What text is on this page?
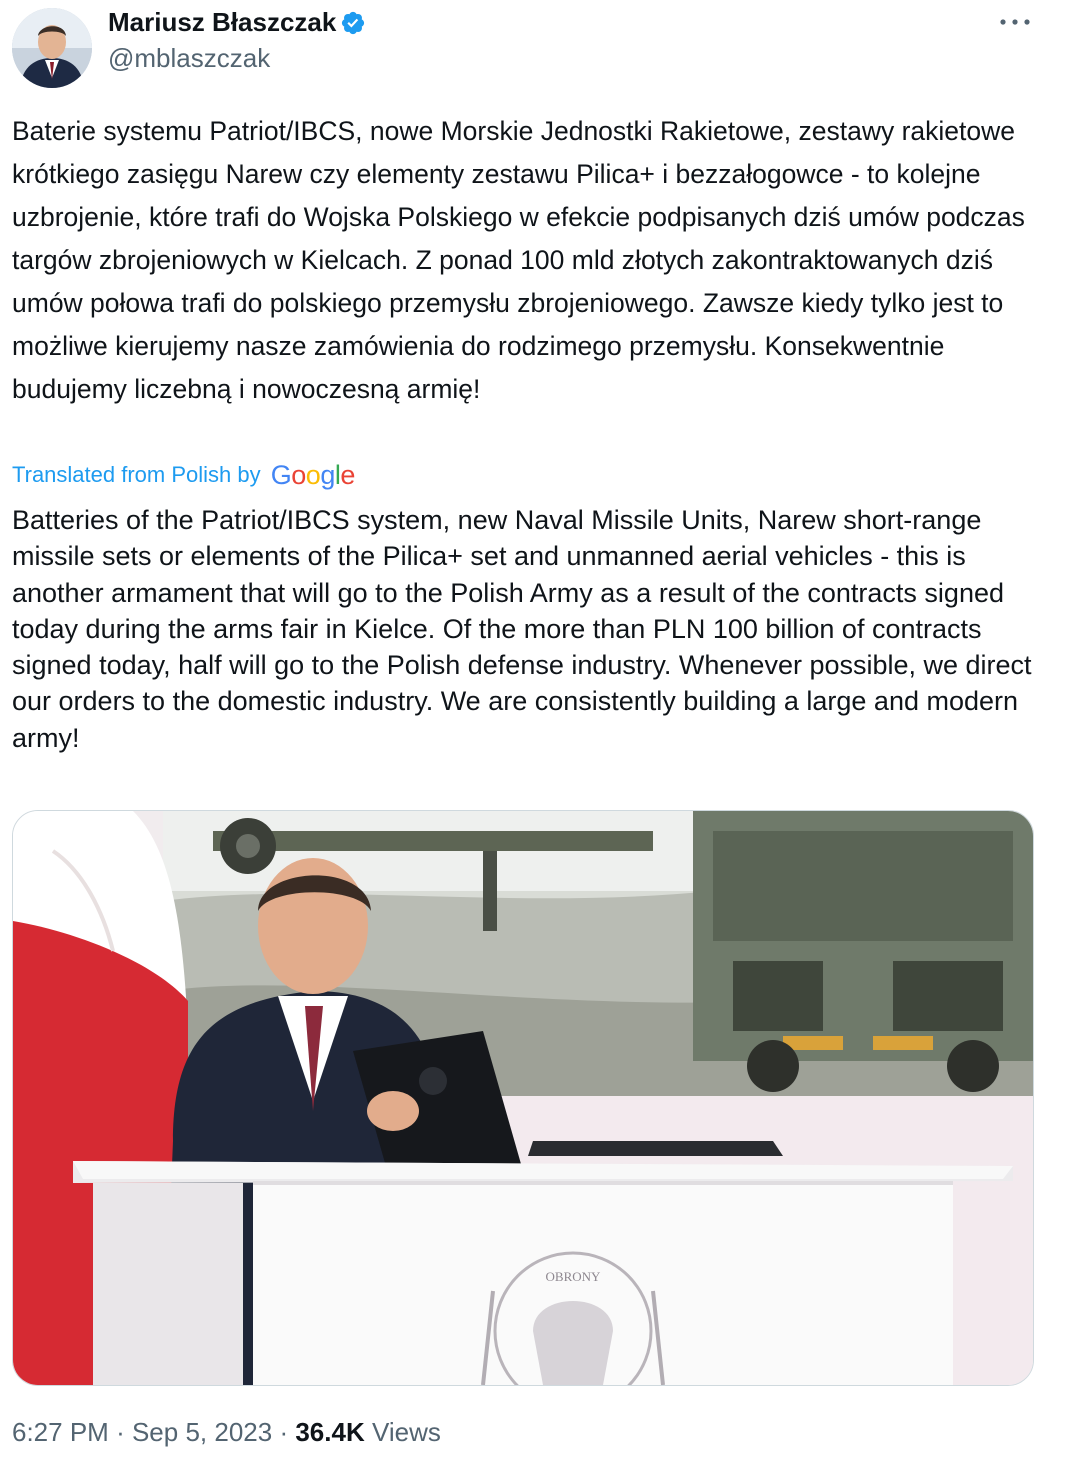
Mariusz Błaszczak
@mblaszczak
Baterie systemu Patriot/IBCS, nowe Morskie Jednostki Rakietowe, zestawy rakietowe krótkiego zasięgu Narew czy elementy zestawu Pilica+ i bezzałogowce - to kolejne uzbrojenie, które trafi do Wojska Polskiego w efekcie podpisanych dziś umów podczas targów zbrojeniowych w Kielcach. Z ponad 100 mld złotych zakontraktowanych dziś umów połowa trafi do polskiego przemysłu zbrojeniowego. Zawsze kiedy tylko jest to możliwe kierujemy nasze zamówienia do rodzimego przemysłu. Konsekwentnie budujemy liczebną i nowoczesną armię!
Translated from Polish by Google
Batteries of the Patriot/IBCS system, new Naval Missile Units, Narew short-range missile sets or elements of the Pilica+ set and unmanned aerial vehicles - this is another armament that will go to the Polish Army as a result of the contracts signed today during the arms fair in Kielce. Of the more than PLN 100 billion of contracts signed today, half will go to the Polish defense industry. Whenever possible, we direct our orders to the domestic industry. We are consistently building a large and modern army!
OBRONY
6:27 PM · Sep 5, 2023 · 36.4K Views
